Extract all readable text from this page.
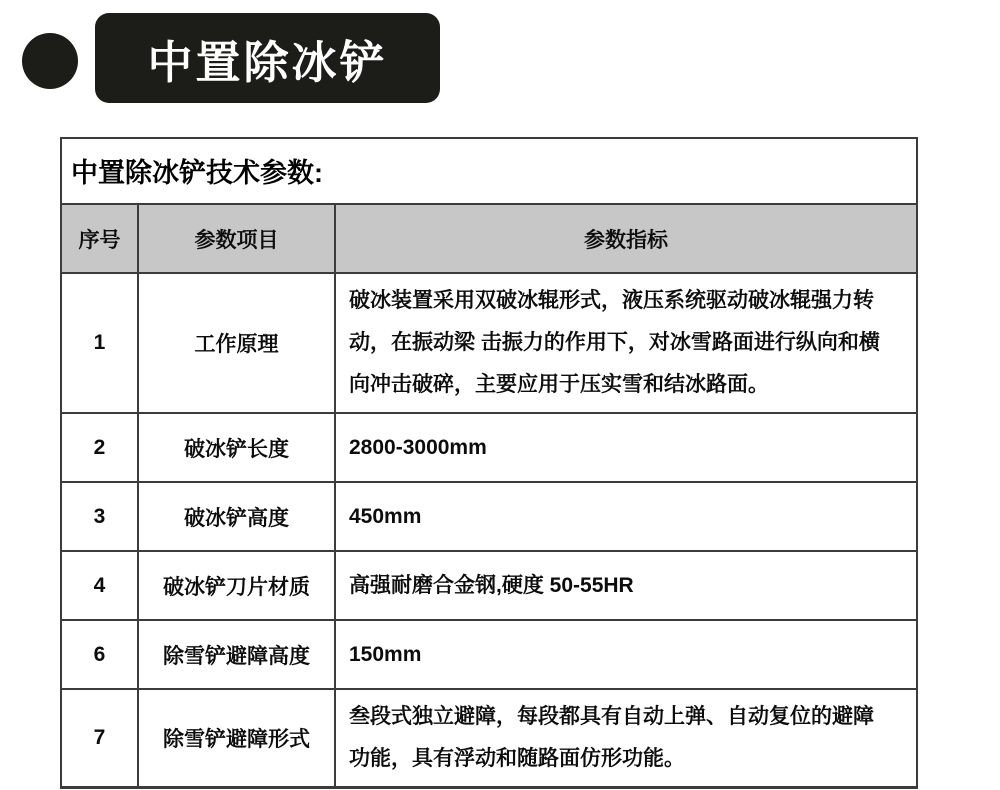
中置除冰铲
中置除冰铲技术参数:
序号	参数项目	参数指标
1	工作原理	破冰装置采用双破冰辊形式，液压系统驱动破冰辊强力转动，在振动梁 击振力的作用下，对冰雪路面进行纵向和横向冲击破碎，主要应用于压实雪和结冰路面。
2	破冰铲长度	2800-3000mm
3	破冰铲高度	450mm
4	破冰铲刀片材质	高强耐磨合金钢,硬度 50-55HR
6	除雪铲避障高度	150mm
7	除雪铲避障形式	叁段式独立避障，每段都具有自动上弹、自动复位的避障 功能，具有浮动和随路面仿形功能。
